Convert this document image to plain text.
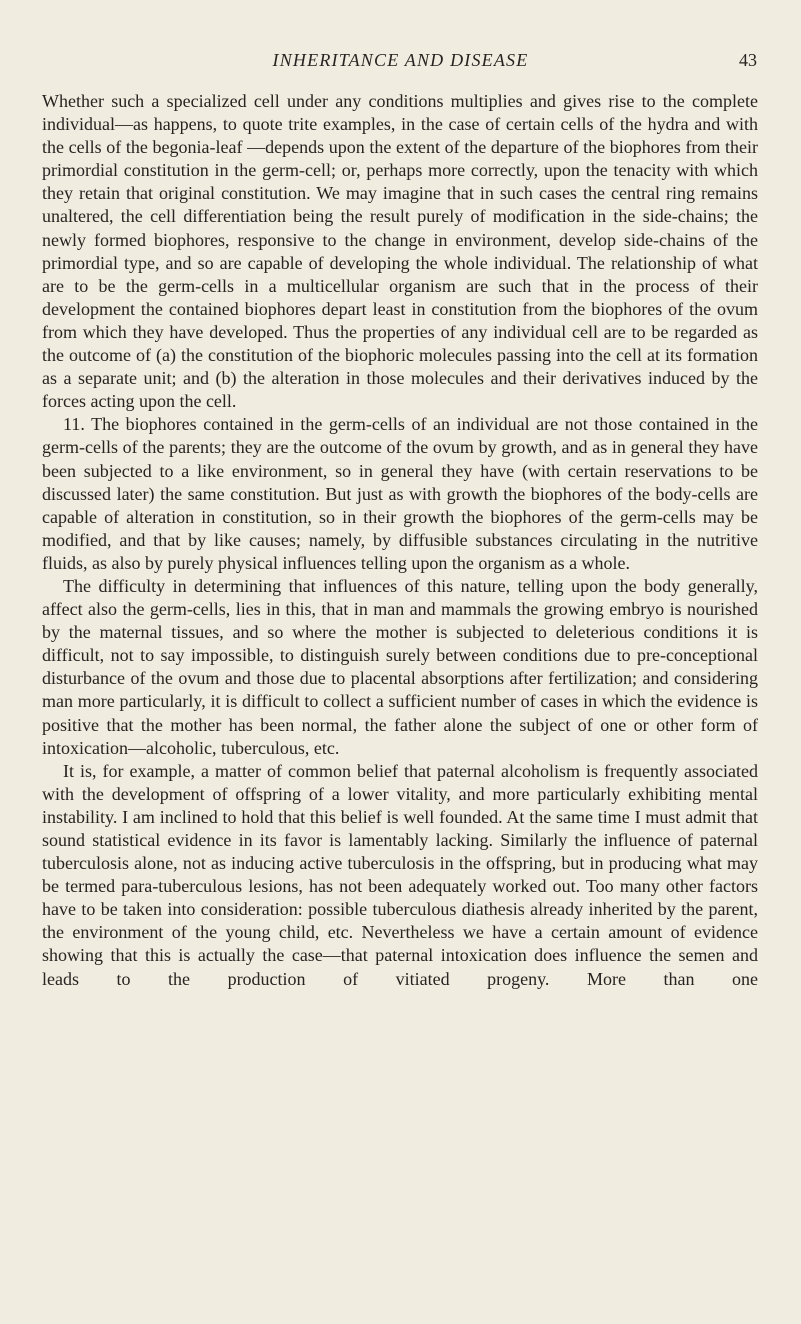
INHERITANCE AND DISEASE	43

Whether such a specialized cell under any conditions multiplies and gives rise to the complete individual—as happens, to quote trite examples, in the case of certain cells of the hydra and with the cells of the begonia-leaf —depends upon the extent of the departure of the biophores from their primordial constitution in the germ-cell; or, perhaps more correctly, upon the tenacity with which they retain that original constitution. We may imagine that in such cases the central ring remains unaltered, the cell differentiation being the result purely of modification in the side-chains; the newly formed biophores, responsive to the change in environment, develop side-chains of the primordial type, and so are capable of developing the whole individual. The relationship of what are to be the germ-cells in a multicellular organism are such that in the process of their development the contained biophores depart least in constitution from the biophores of the ovum from which they have developed. Thus the properties of any individual cell are to be regarded as the outcome of (a) the constitution of the biophoric molecules passing into the cell at its formation as a separate unit; and (b) the alteration in those molecules and their derivatives induced by the forces acting upon the cell.

11. The biophores contained in the germ-cells of an individual are not those contained in the germ-cells of the parents; they are the outcome of the ovum by growth, and as in general they have been subjected to a like environment, so in general they have (with certain reservations to be discussed later) the same constitution. But just as with growth the biophores of the body-cells are capable of alteration in constitution, so in their growth the biophores of the germ-cells may be modified, and that by like causes; namely, by diffusible substances circulating in the nutritive fluids, as also by purely physical influences telling upon the organism as a whole.

The difficulty in determining that influences of this nature, telling upon the body generally, affect also the germ-cells, lies in this, that in man and mammals the growing embryo is nourished by the maternal tissues, and so where the mother is subjected to deleterious conditions it is difficult, not to say impossible, to distinguish surely between conditions due to pre-conceptional disturbance of the ovum and those due to placental absorptions after fertilization; and considering man more particularly, it is difficult to collect a sufficient number of cases in which the evidence is positive that the mother has been normal, the father alone the subject of one or other form of intoxication—alcoholic, tuberculous, etc.

It is, for example, a matter of common belief that paternal alcoholism is frequently associated with the development of offspring of a lower vitality, and more particularly exhibiting mental instability. I am inclined to hold that this belief is well founded. At the same time I must admit that sound statistical evidence in its favor is lamentably lacking. Similarly the influence of paternal tuberculosis alone, not as inducing active tuberculosis in the offspring, but in producing what may be termed para-tuberculous lesions, has not been adequately worked out. Too many other factors have to be taken into consideration: possible tuberculous diathesis already inherited by the parent, the environment of the young child, etc. Nevertheless we have a certain amount of evidence showing that this is actually the case—that paternal intoxication does influence the semen and leads to the production of vitiated progeny. More than one
